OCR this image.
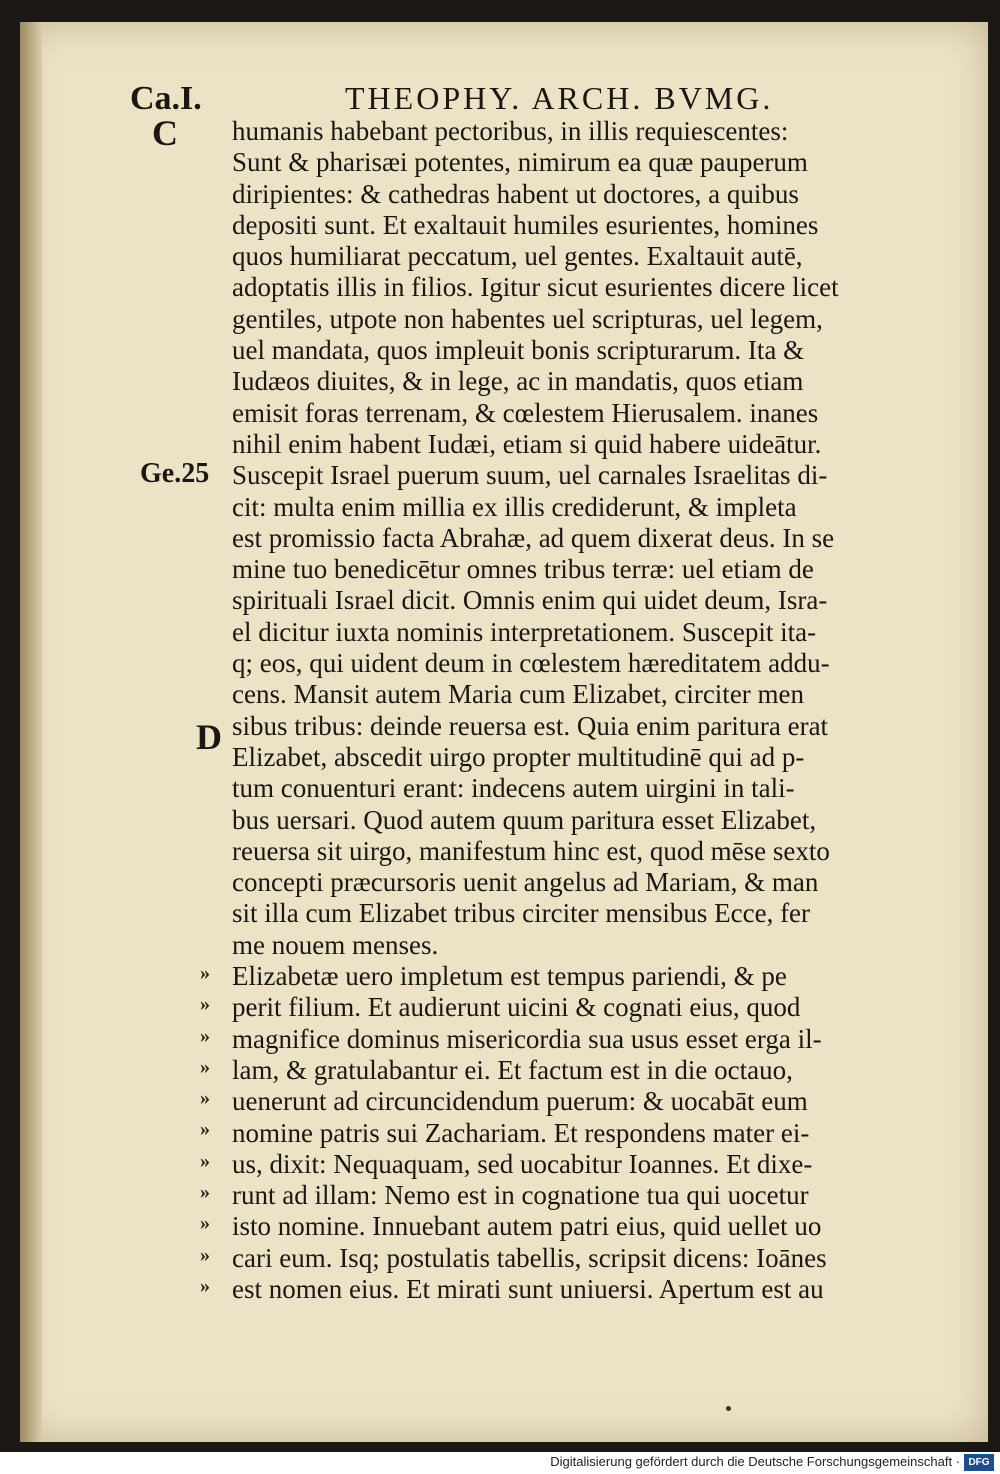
Ca.I.	THEOPHY. ARCH. BVMG.
C
Ge.25
D
humanis habebant pectoribus, in illis requiescentes:
Sunt & pharisæi potentes, nimirum ea quæ pauperum
diripientes: & cathedras habent ut doctores, a quibus
depositi sunt. Et exaltauit humiles esurientes, homines
quos humiliarat peccatum, uel gentes. Exaltauit autē,
adoptatis illis in filios. Igitur sicut esurientes dicere licet
gentiles, utpote non habentes uel scripturas, uel legem,
uel mandata, quos impleuit bonis scripturarum. Ita &
Iudæos diuites, & in lege, ac in mandatis, quos etiam
emisit foras terrenam, & cœlestem Hierusalem. inanes
nihil enim habent Iudæi, etiam si quid habere uideātur.
Suscepit Israel puerum suum, uel carnales Israelitas di-
cit: multa enim millia ex illis crediderunt, & impleta
est promissio facta Abrahæ, ad quem dixerat deus. In se
mine tuo benedicētur omnes tribus terræ: uel etiam de
spirituali Israel dicit. Omnis enim qui uidet deum, Isra-
el dicitur iuxta nominis interpretationem. Suscepit ita-
q; eos, qui uident deum in cœlestem hæreditatem addu-
cens. Mansit autem Maria cum Elizabet, circiter men
sibus tribus: deinde reuersa est. Quia enim paritura erat
Elizabet, abscedit uirgo propter multitudinē qui ad p-
tum conuenturi erant: indecens autem uirgini in tali-
bus uersari. Quod autem quum paritura esset Elizabet,
reuersa sit uirgo, manifestum hinc est, quod mēse sexto
concepti præcursoris uenit angelus ad Mariam, & man
sit illa cum Elizabet tribus circiter mensibus Ecce, fer
me nouem menses.
Elizabetæ uero impletum est tempus pariendi, & pe
perit filium. Et audierunt uicini & cognati eius, quod
magnifice dominus misericordia sua usus esset erga il-
lam, & gratulabantur ei. Et factum est in die octauo,
uenerunt ad circuncidendum puerum: & uocabāt eum
nomine patris sui Zachariam. Et respondens mater ei-
us, dixit: Nequaquam, sed uocabitur Ioannes. Et dixe-
runt ad illam: Nemo est in cognatione tua qui uocetur
isto nomine. Innuebant autem patri eius, quid uellet uo
cari eum. Isq; postulatis tabellis, scripsit dicens: Ioānes
est nomen eius. Et mirati sunt uniuersi. Apertum est au
»
»
»
»
»
»
»
»
»
»
»
Digitalisierung gefördert durch die Deutsche Forschungsgemeinschaft · DFG
